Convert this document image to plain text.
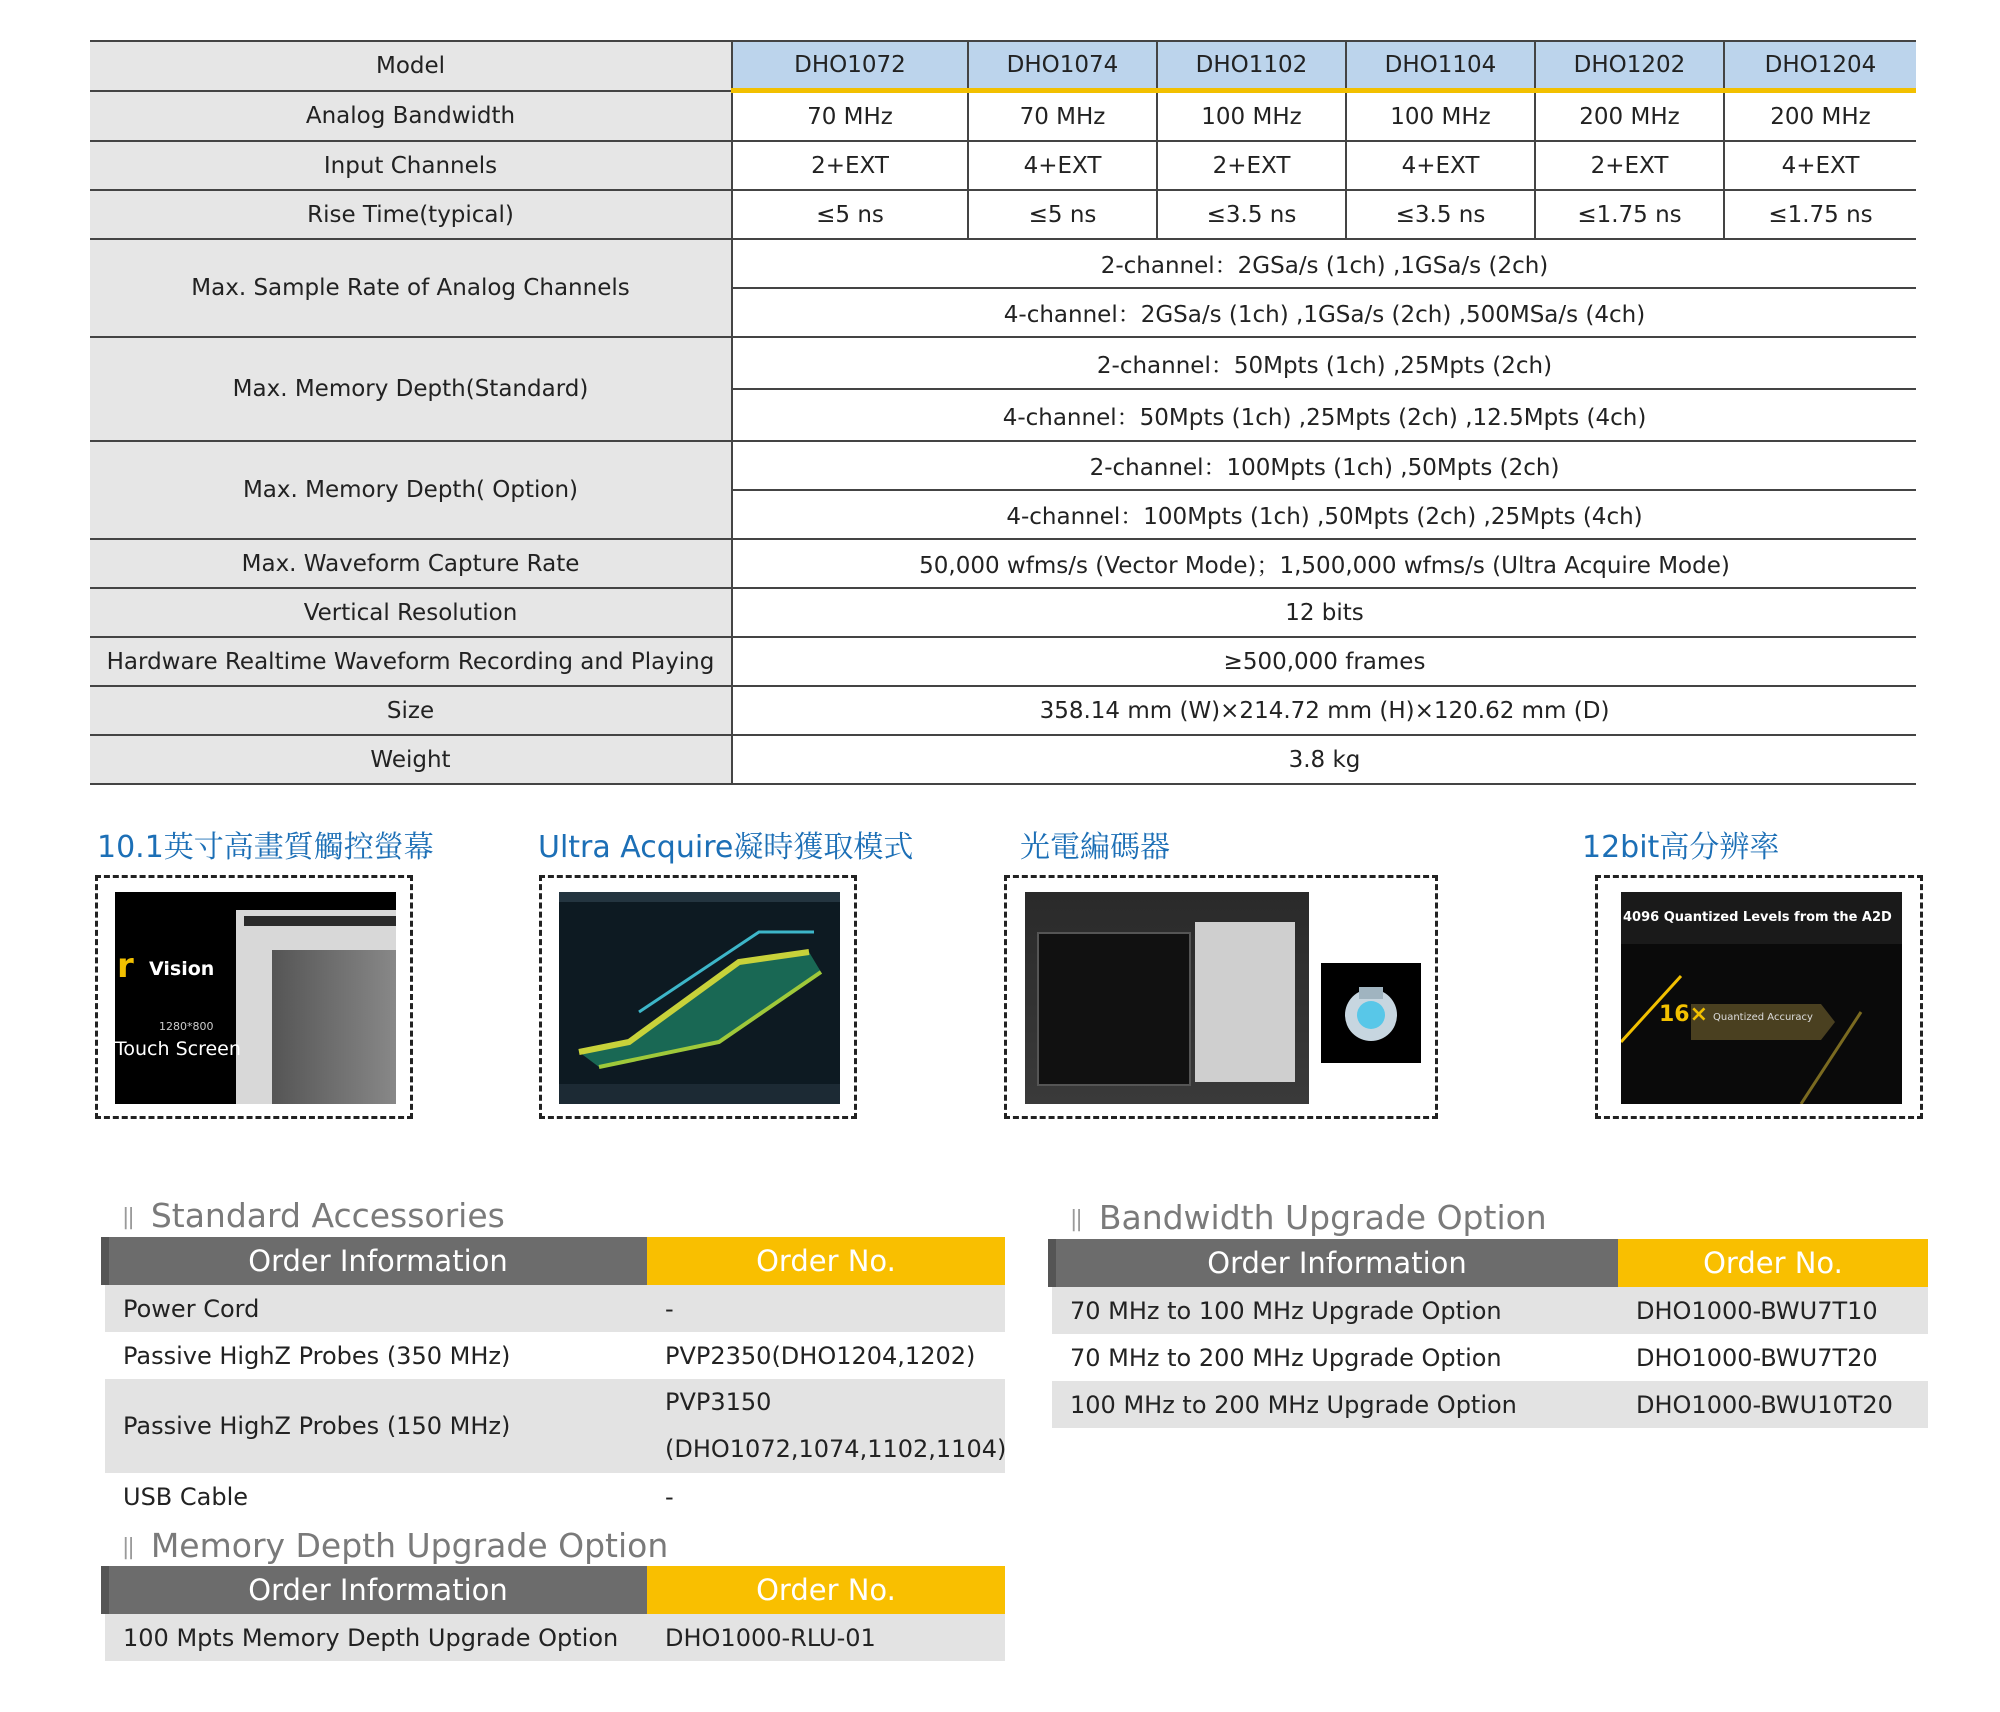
Model	DHO1072	DHO1074	DHO1102	DHO1104	DHO1202	DHO1204
Analog Bandwidth	70 MHz	70 MHz	100 MHz	100 MHz	200 MHz	200 MHz
Input Channels	2+EXT	4+EXT	2+EXT	4+EXT	2+EXT	4+EXT
Rise Time(typical)	≤5 ns	≤5 ns	≤3.5 ns	≤3.5 ns	≤1.75 ns	≤1.75 ns
Max. Sample Rate of Analog Channels	2-channel：2GSa/s (1ch) ,1GSa/s (2ch)					
	4-channel：2GSa/s (1ch) ,1GSa/s (2ch) ,500MSa/s (4ch)					
Max. Memory Depth(Standard)	2-channel：50Mpts (1ch) ,25Mpts (2ch)					
	4-channel：50Mpts (1ch) ,25Mpts (2ch) ,12.5Mpts (4ch)					
Max. Memory Depth( Option)	2-channel：100Mpts (1ch) ,50Mpts (2ch)					
	4-channel：100Mpts (1ch) ,50Mpts (2ch) ,25Mpts (4ch)					
Max. Waveform Capture Rate	50,000 wfms/s (Vector Mode)；1,500,000 wfms/s (Ultra Acquire Mode)					
Vertical Resolution	12 bits					
Hardware Realtime Waveform Recording and Playing	≥500,000 frames					
Size	358.14 mm (W)×214.72 mm (H)×120.62 mm (D)					
Weight	3.8 kg					
10.1英寸高畫質觸控螢幕	Ultra Acquire凝時獲取模式	光電編碼器	12bit高分辨率
r Vision
1280*800
Touch Screen
4096 Quantized Levels from the A2D
16× Quantized Accuracy
|| Standard Accessories
Order Information	Order No.
Power Cord	-
Passive HighZ Probes (350 MHz)	PVP2350(DHO1204,1202)
Passive HighZ Probes (150 MHz)	PVP3150
(DHO1072,1074,1102,1104)
USB Cable	-
|| Memory Depth Upgrade Option
Order Information	Order No.
100 Mpts Memory Depth Upgrade Option	DHO1000-RLU-01
|| Bandwidth Upgrade Option
Order Information	Order No.
70 MHz to 100 MHz Upgrade Option	DHO1000-BWU7T10
70 MHz to 200 MHz Upgrade Option	DHO1000-BWU7T20
100 MHz to 200 MHz Upgrade Option	DHO1000-BWU10T20
